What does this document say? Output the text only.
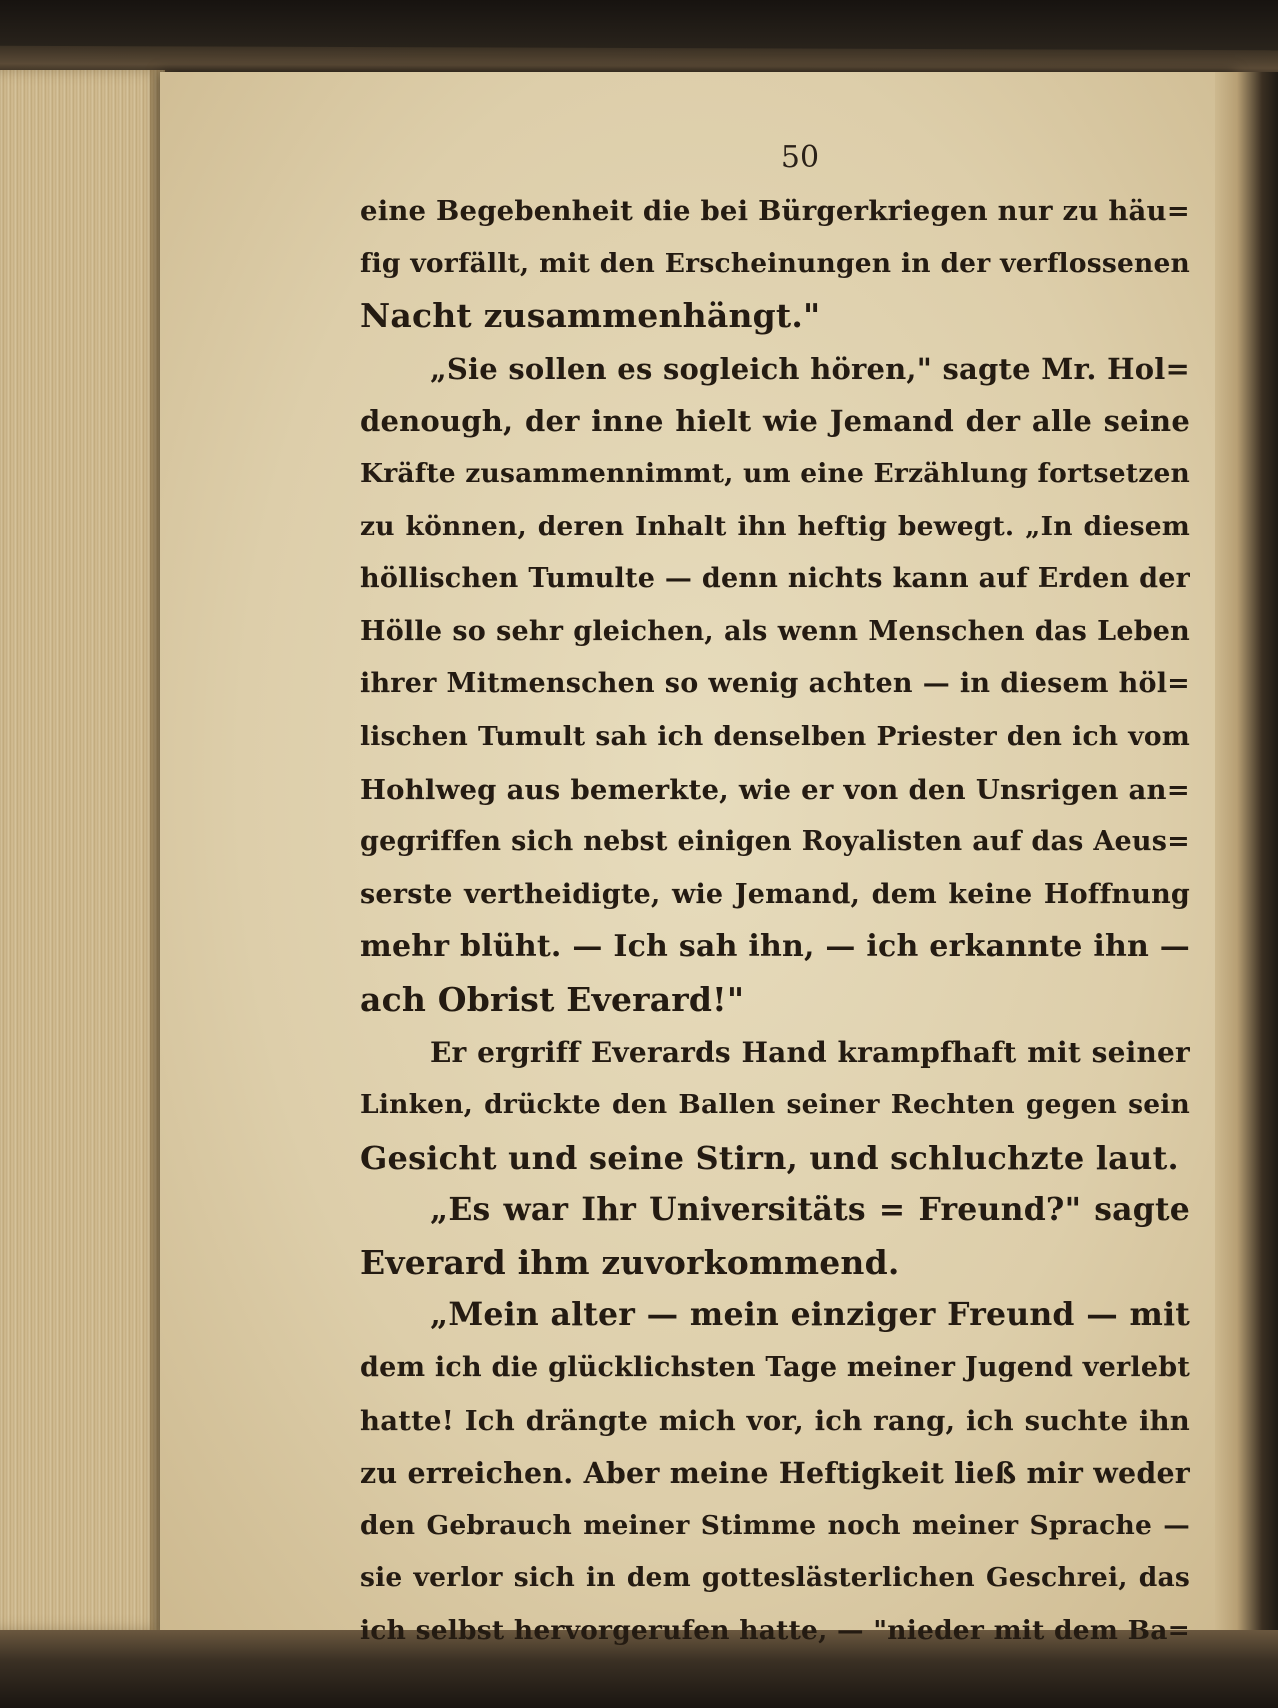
50
eine Begebenheit die bei Bürgerkriegen nur zu häu=
fig vorfällt, mit den Erscheinungen in der verflossenen
Nacht zusammenhängt."
„Sie sollen es sogleich hören," sagte Mr. Hol=
denough, der inne hielt wie Jemand der alle seine
Kräfte zusammennimmt, um eine Erzählung fortsetzen
zu können, deren Inhalt ihn heftig bewegt. „In diesem
höllischen Tumulte — denn nichts kann auf Erden der
Hölle so sehr gleichen, als wenn Menschen das Leben
ihrer Mitmenschen so wenig achten — in diesem höl=
lischen Tumult sah ich denselben Priester den ich vom
Hohlweg aus bemerkte, wie er von den Unsrigen an=
gegriffen sich nebst einigen Royalisten auf das Aeus=
serste vertheidigte, wie Jemand, dem keine Hoffnung
mehr blüht. — Ich sah ihn, — ich erkannte ihn —
ach Obrist Everard!"
Er ergriff Everards Hand krampfhaft mit seiner
Linken, drückte den Ballen seiner Rechten gegen sein
Gesicht und seine Stirn, und schluchzte laut.
„Es war Ihr Universitäts = Freund?" sagte
Everard ihm zuvorkommend.
„Mein alter — mein einziger Freund — mit
dem ich die glücklichsten Tage meiner Jugend verlebt
hatte! Ich drängte mich vor, ich rang, ich suchte ihn
zu erreichen. Aber meine Heftigkeit ließ mir weder
den Gebrauch meiner Stimme noch meiner Sprache —
sie verlor sich in dem gotteslästerlichen Geschrei, das
ich selbst hervorgerufen hatte, — "nieder mit dem Ba=
